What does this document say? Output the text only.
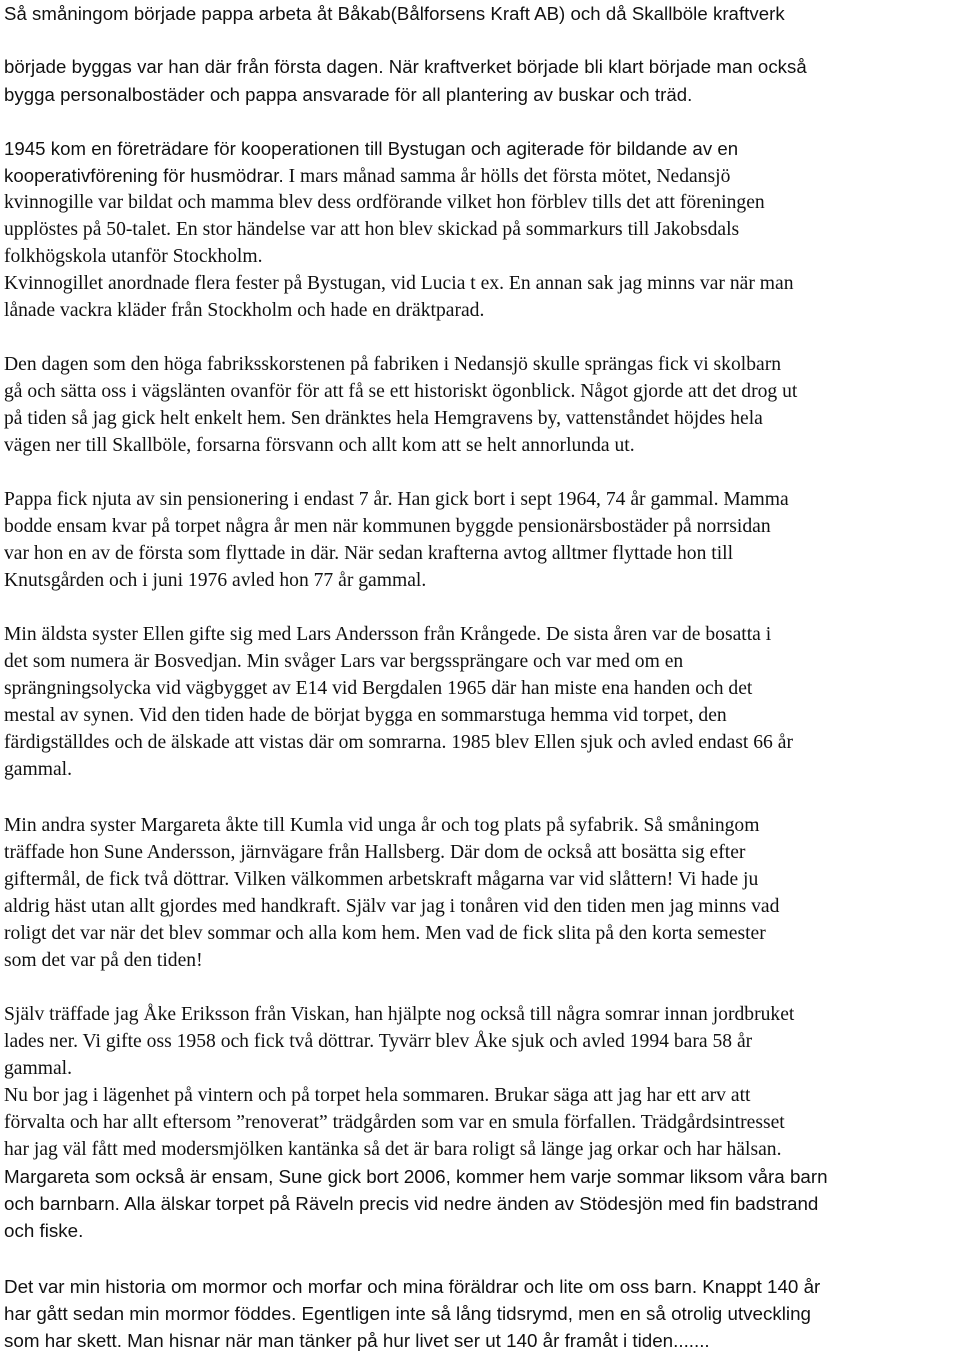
Så småningom började pappa arbeta åt Båkab(Bålforsens Kraft AB) och då Skallböle kraftverk
började byggas var han där från första dagen. När kraftverket började bli klart började man också
bygga personalbostäder och pappa ansvarade för all plantering av buskar och träd.
1945 kom en företrädare för kooperationen till Bystugan och agiterade för bildande av en
kooperativförening för husmödrar. I mars månad samma år hölls det första mötet, Nedansjö
kvinnogille var bildat och mamma blev dess ordförande vilket hon förblev tills det att föreningen
upplöstes på 50-talet. En stor händelse var att hon blev skickad på sommarkurs till Jakobsdals
folkhögskola utanför Stockholm.
Kvinnogillet anordnade flera fester på Bystugan, vid Lucia t ex. En annan sak jag minns var när man
lånade vackra kläder från Stockholm och hade en dräktparad.
Den dagen som den höga fabriksskorstenen på fabriken i Nedansjö skulle sprängas fick vi skolbarn
gå och sätta oss i vägslänten ovanför för att få se ett historiskt ögonblick. Något gjorde att det drog ut
på tiden så jag gick helt enkelt hem. Sen dränktes hela Hemgravens by, vattenståndet höjdes hela
vägen ner till Skallböle, forsarna försvann och allt kom att se helt annorlunda ut.
Pappa fick njuta av sin pensionering i endast 7 år. Han gick bort i sept 1964, 74 år gammal. Mamma
bodde ensam kvar på torpet några år men när kommunen byggde pensionärsbostäder på norrsidan
var hon en av de första som flyttade in där. När sedan krafterna avtog alltmer flyttade hon till
Knutsgården och i juni 1976 avled hon 77 år gammal.
Min äldsta syster Ellen gifte sig med Lars Andersson från Krångede. De sista åren var de bosatta i
det som numera är Bosvedjan. Min svåger Lars var bergssprängare och var med om en
sprängningsolycka vid vägbygget av E14 vid Bergdalen 1965 där han miste ena handen och det
mestal av synen. Vid den tiden hade de börjat bygga en sommarstuga hemma vid torpet, den
färdigställdes och de älskade att vistas där om somrarna. 1985 blev Ellen sjuk och avled endast 66 år
gammal.
Min andra syster Margareta åkte till Kumla vid unga år och tog plats på syfabrik. Så småningom
träffade hon Sune Andersson, järnvägare från Hallsberg. Där dom de också att bosätta sig efter
giftermål, de fick två döttrar. Vilken välkommen arbetskraft mågarna var vid slåttern! Vi hade ju
aldrig häst utan allt gjordes med handkraft. Själv var jag i tonåren vid den tiden men jag minns vad
roligt det var när det blev sommar och alla kom hem. Men vad de fick slita på den korta semester
som det var på den tiden!
Själv träffade jag Åke Eriksson från Viskan, han hjälpte nog också till några somrar innan jordbruket
lades ner. Vi gifte oss 1958 och fick två döttrar. Tyvärr blev Åke sjuk och avled 1994 bara 58 år
gammal.
Nu bor jag i lägenhet på vintern och på torpet hela sommaren. Brukar säga att jag har ett arv att
förvalta och har allt eftersom ”renoverat” trädgården som var en smula förfallen. Trädgårdsintresset
har jag väl fått med modersmjölken kantänka så det är bara roligt så länge jag orkar och har hälsan.
Margareta som också är ensam, Sune gick bort 2006, kommer hem varje sommar liksom våra barn
och barnbarn. Alla älskar torpet på Räveln precis vid nedre änden av Stödesjön med fin badstrand
och fiske.
Det var min historia om mormor och morfar och mina föräldrar och lite om oss barn. Knappt 140 år
har gått sedan min mormor föddes. Egentligen inte så lång tidsrymd, men en så otrolig utveckling
som har skett. Man hisnar när man tänker på hur livet ser ut 140 år framåt i tiden.......
